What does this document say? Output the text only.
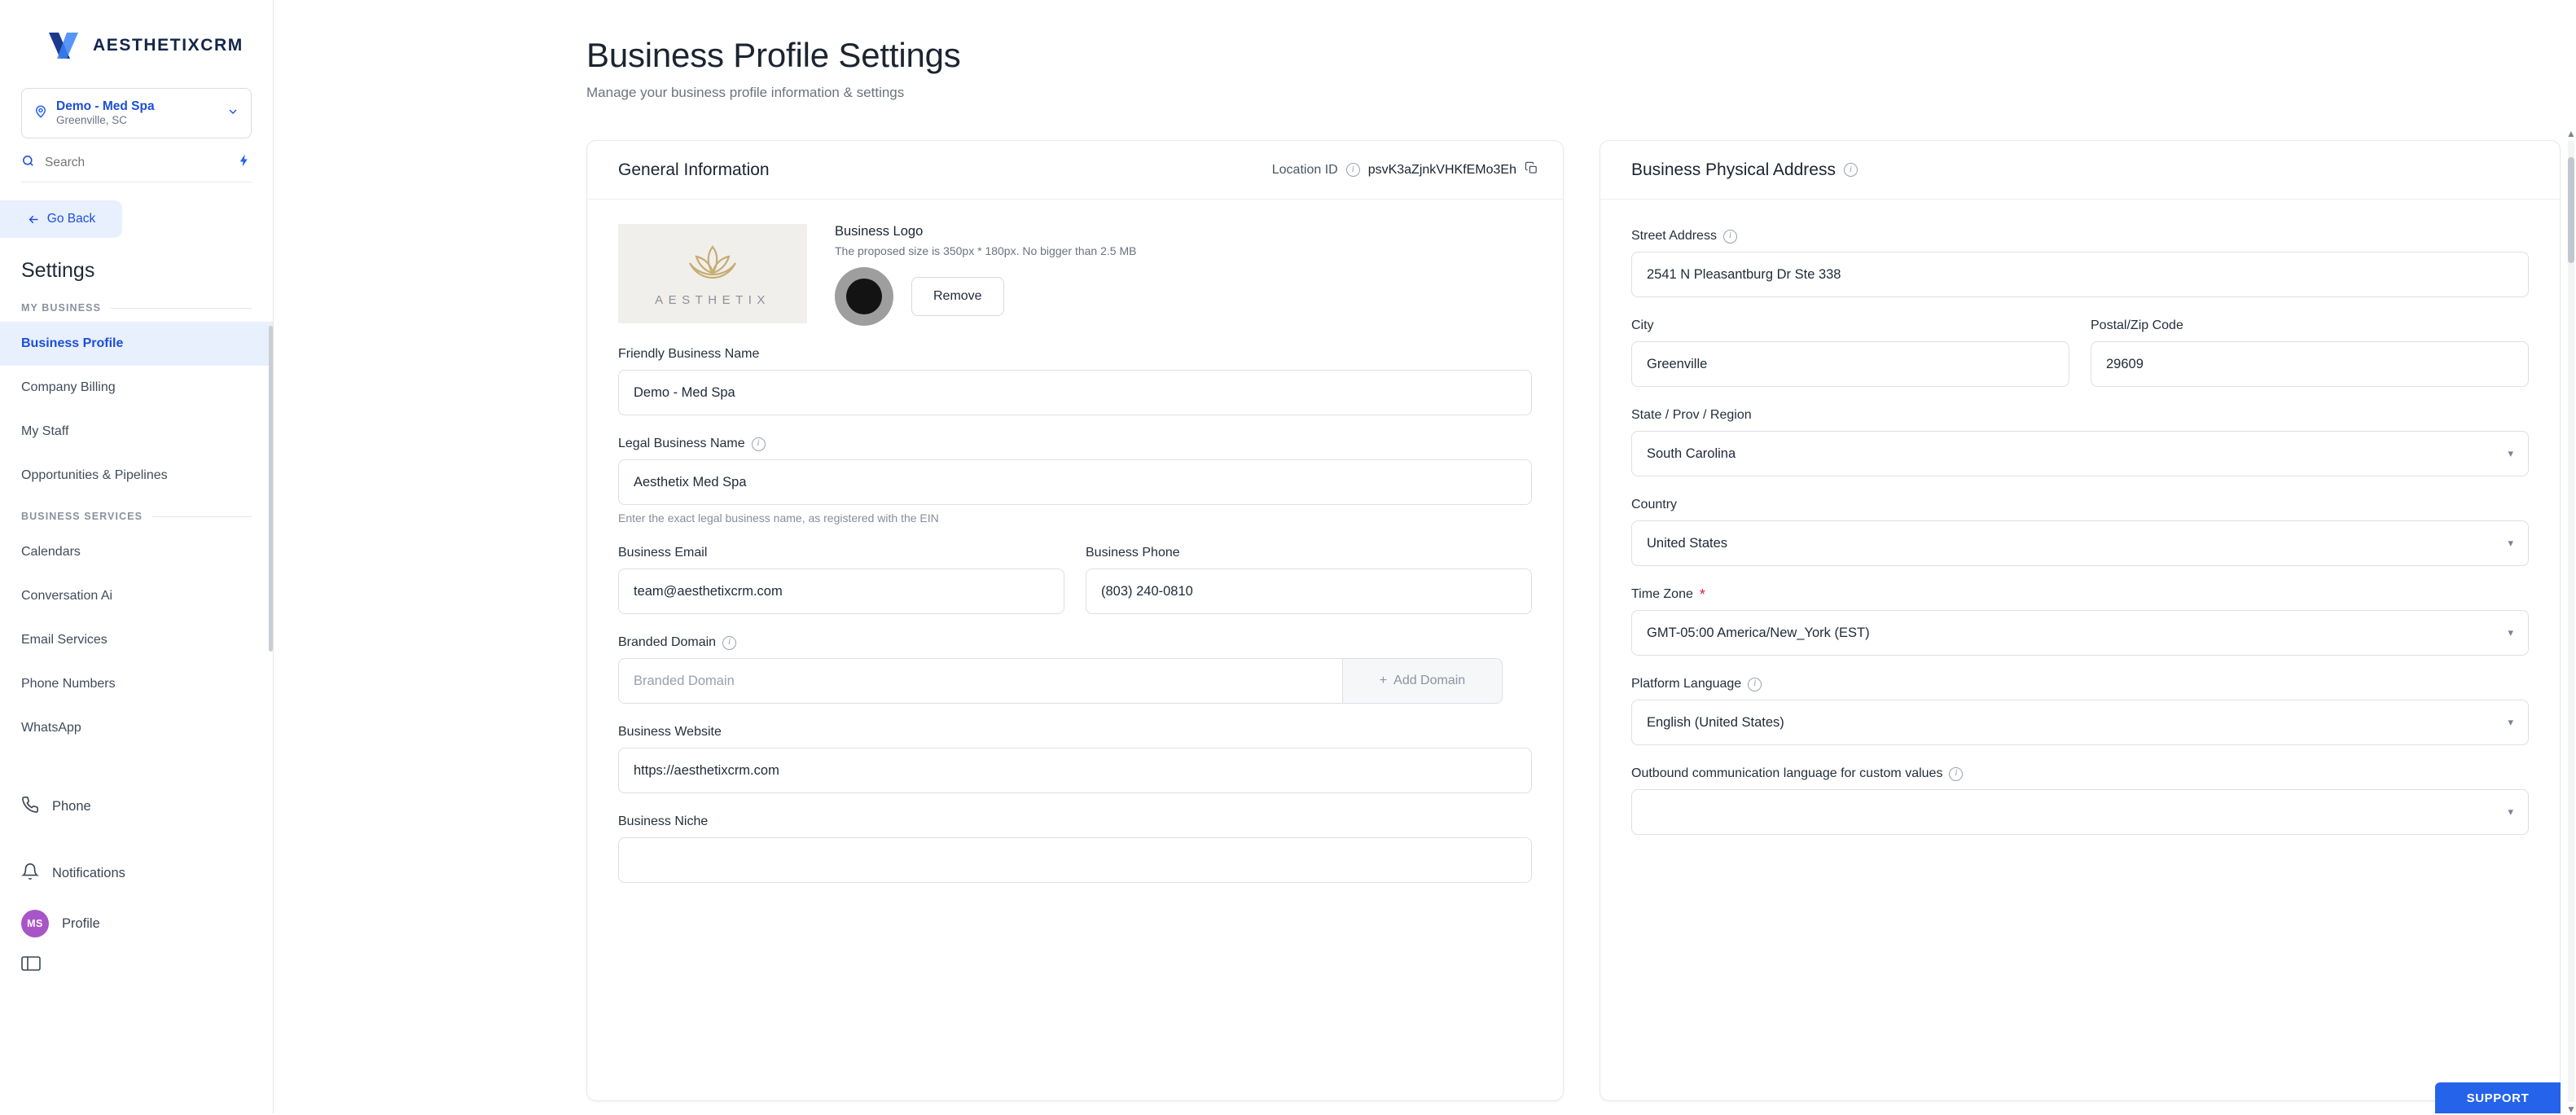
AESTHETIXCRM
Demo - Med Spa
Greenville, SC
Search
Go Back
Settings
MY BUSINESS
Business Profile
Company Billing
My Staff
Opportunities & Pipelines
BUSINESS SERVICES
Calendars
Conversation Ai
Email Services
Phone Numbers
WhatsApp
Phone
Notifications
MS	Profile
Business Profile Settings
Manage your business profile information & settings
General Information	Location ID	i	psvK3aZjnkVHKfEMo3Eh
AESTHETIX
Business Logo
The proposed size is 350px * 180px. No bigger than 2.5 MB
Remove
Friendly Business Name
Demo - Med Spa
Legal Business Name	i
Aesthetix Med Spa
Enter the exact legal business name, as registered with the EIN
Business Email
team@aesthetixcrm.com	Business Phone
(803) 240-0810
Branded Domain	i
Branded Domain
+ Add Domain
Business Website
https://aesthetixcrm.com
Business Niche
Business Physical Address	i
Street Address	i
2541 N Pleasantburg Dr Ste 338
City
Greenville	Postal/Zip Code
29609
State / Prov / Region
South Carolina	▾
Country
United States	▾
Time Zone *
GMT-05:00 America/New_York (EST)	▾
Platform Language	i
English (United States)	▾
Outbound communication language for custom values	i
▾
▲
▼
SUPPORT
